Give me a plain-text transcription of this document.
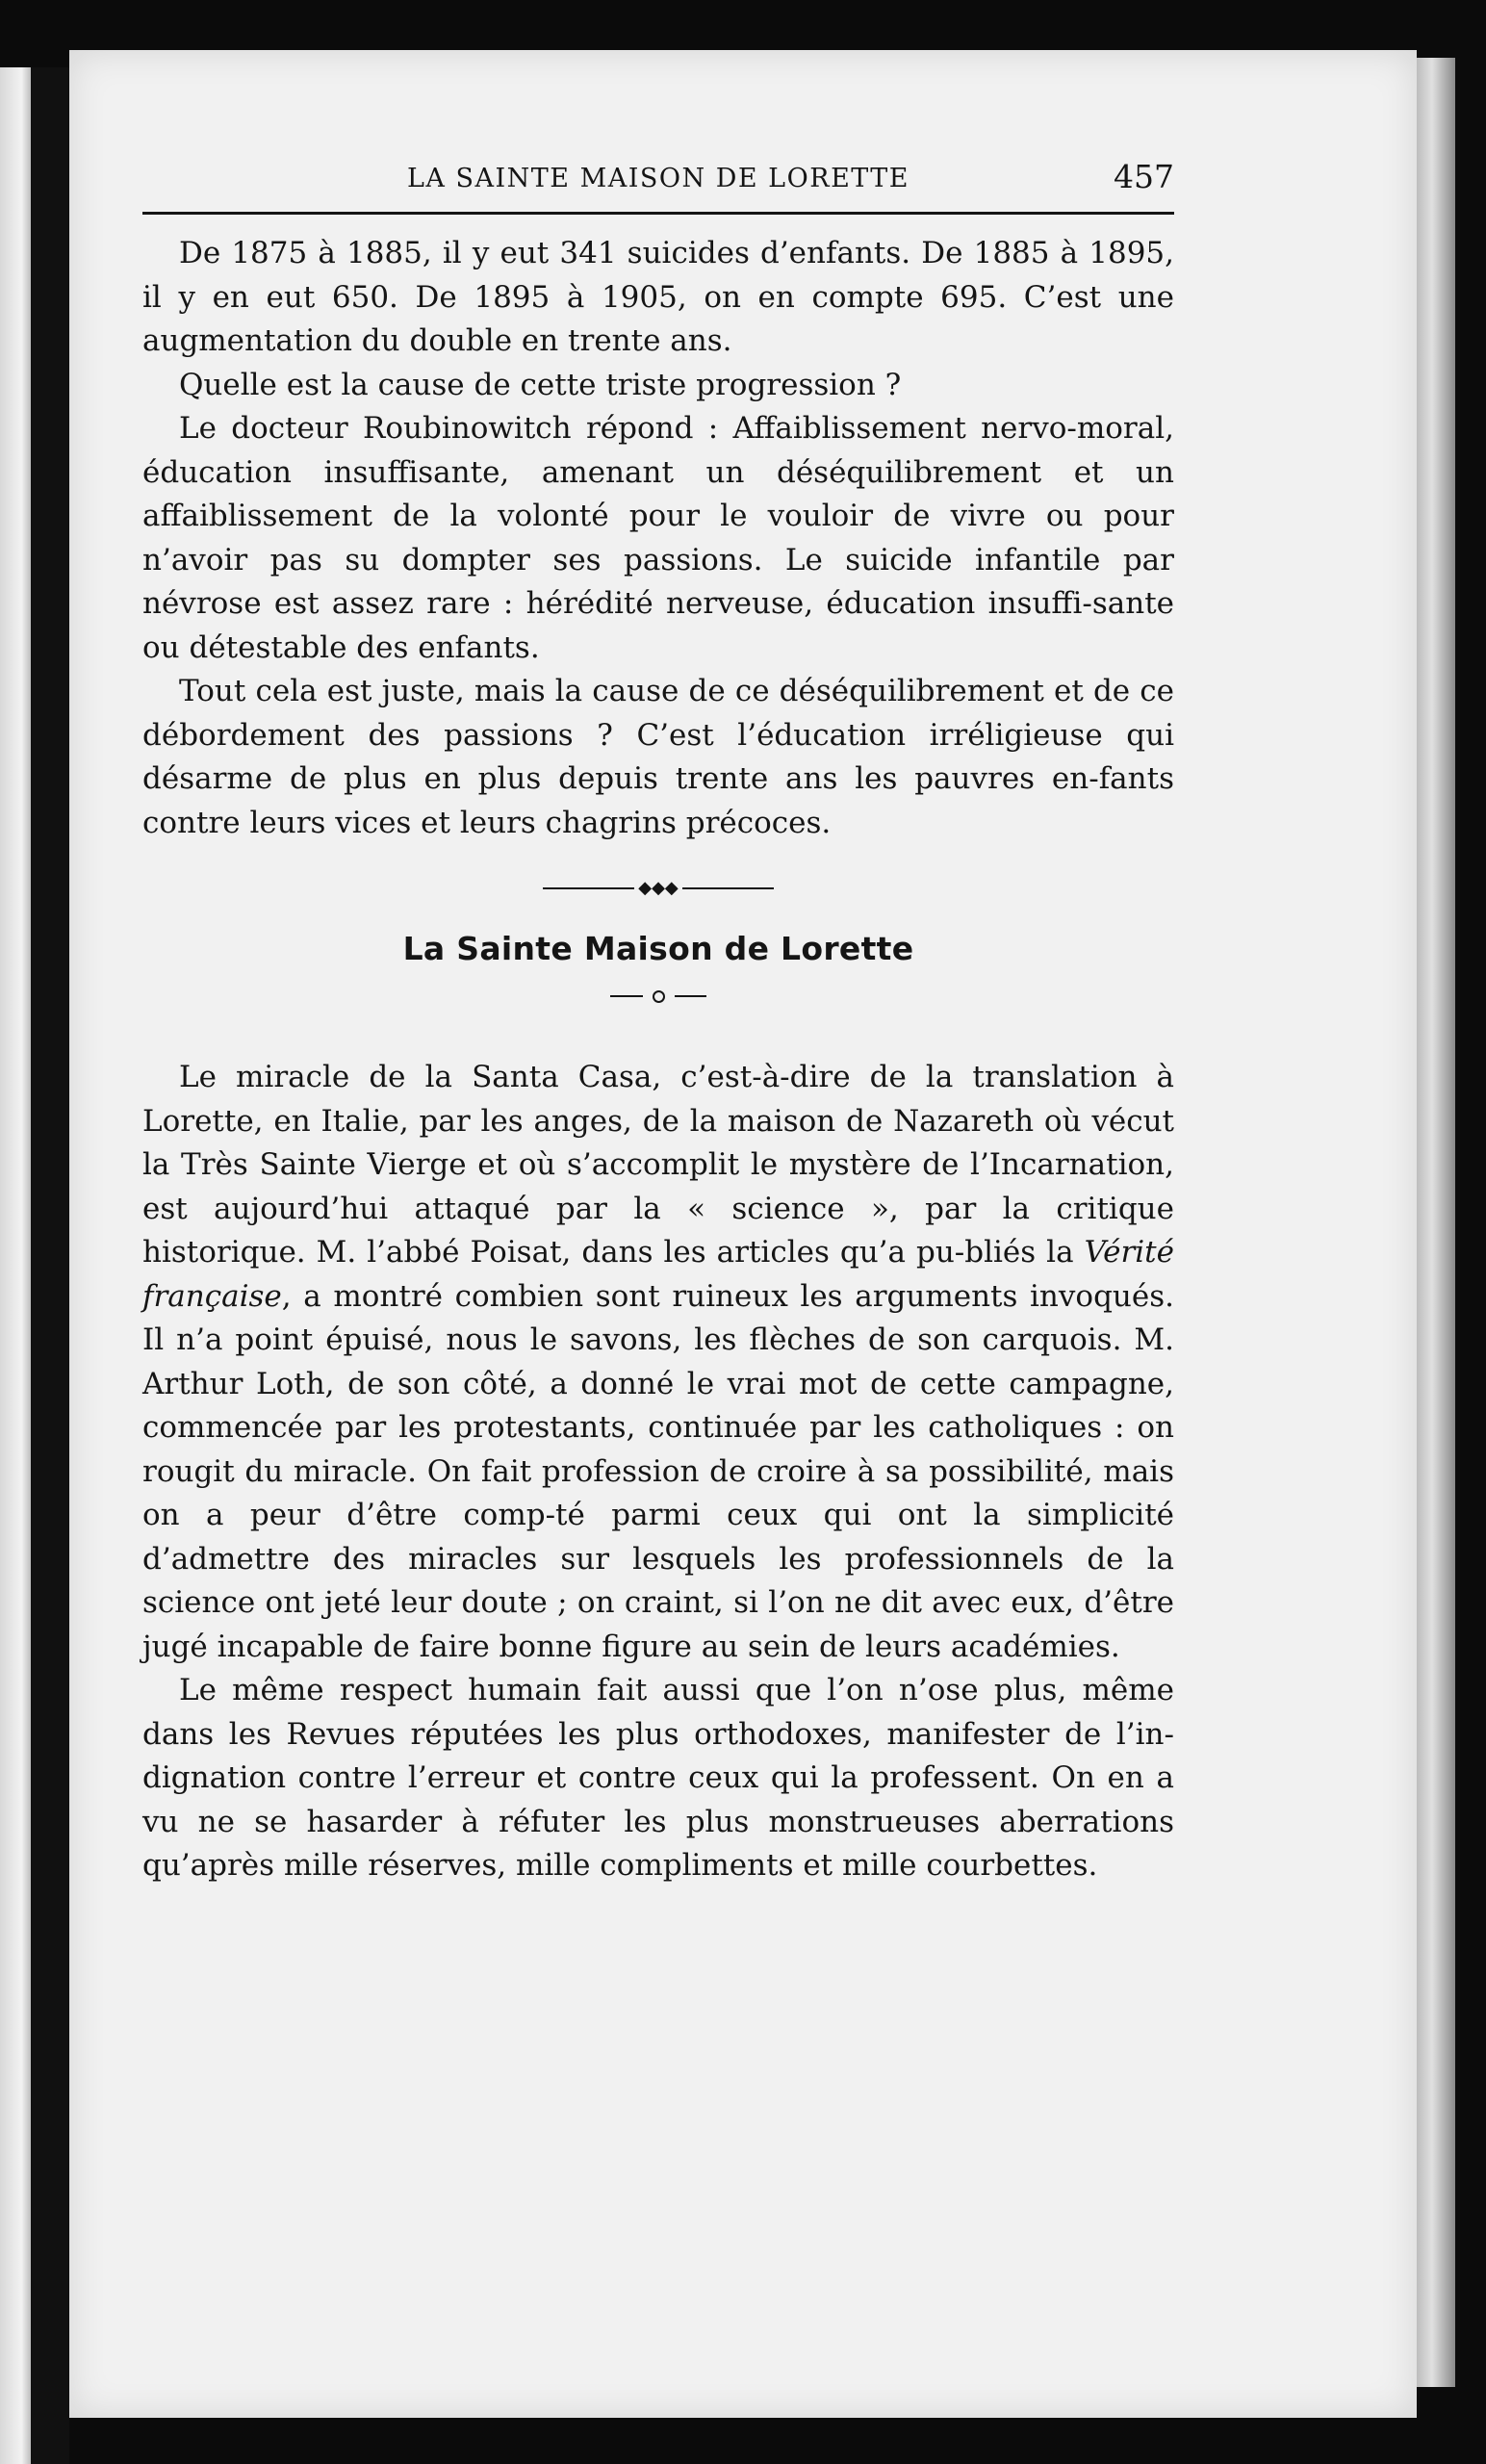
LA SAINTE MAISON DE LORETTE	457

De 1875 à 1885, il y eut 341 suicides d’enfants. De 1885 à 1895, il y en eut 650. De 1895 à 1905, on en compte 695. C’est une augmentation du double en trente ans.

Quelle est la cause de cette triste progression ?

Le docteur Roubinowitch répond : Affaiblissement nervo-moral, éducation insuffisante, amenant un déséquilibrement et un affaiblissement de la volonté pour le vouloir de vivre ou pour n’avoir pas su dompter ses passions. Le suicide infantile par névrose est assez rare : hérédité nerveuse, éducation insuffi-sante ou détestable des enfants.

Tout cela est juste, mais la cause de ce déséquilibrement et de ce débordement des passions ? C’est l’éducation irréligieuse qui désarme de plus en plus depuis trente ans les pauvres en-fants contre leurs vices et leurs chagrins précoces.

◆◆◆
La Sainte Maison de Lorette

Le miracle de la Santa Casa, c’est-à-dire de la translation à Lorette, en Italie, par les anges, de la maison de Nazareth où vécut la Très Sainte Vierge et où s’accomplit le mystère de l’Incarnation, est aujourd’hui attaqué par la « science », par la critique historique. M. l’abbé Poisat, dans les articles qu’a pu-bliés la Vérité française, a montré combien sont ruineux les arguments invoqués. Il n’a point épuisé, nous le savons, les flèches de son carquois. M. Arthur Loth, de son côté, a donné le vrai mot de cette campagne, commencée par les protestants, continuée par les catholiques : on rougit du miracle. On fait profession de croire à sa possibilité, mais on a peur d’être comp-té parmi ceux qui ont la simplicité d’admettre des miracles sur lesquels les professionnels de la science ont jeté leur doute ; on craint, si l’on ne dit avec eux, d’être jugé incapable de faire bonne figure au sein de leurs académies.

Le même respect humain fait aussi que l’on n’ose plus, même dans les Revues réputées les plus orthodoxes, manifester de l’in-dignation contre l’erreur et contre ceux qui la professent. On en a vu ne se hasarder à réfuter les plus monstrueuses aberrations qu’après mille réserves, mille compliments et mille courbettes.
